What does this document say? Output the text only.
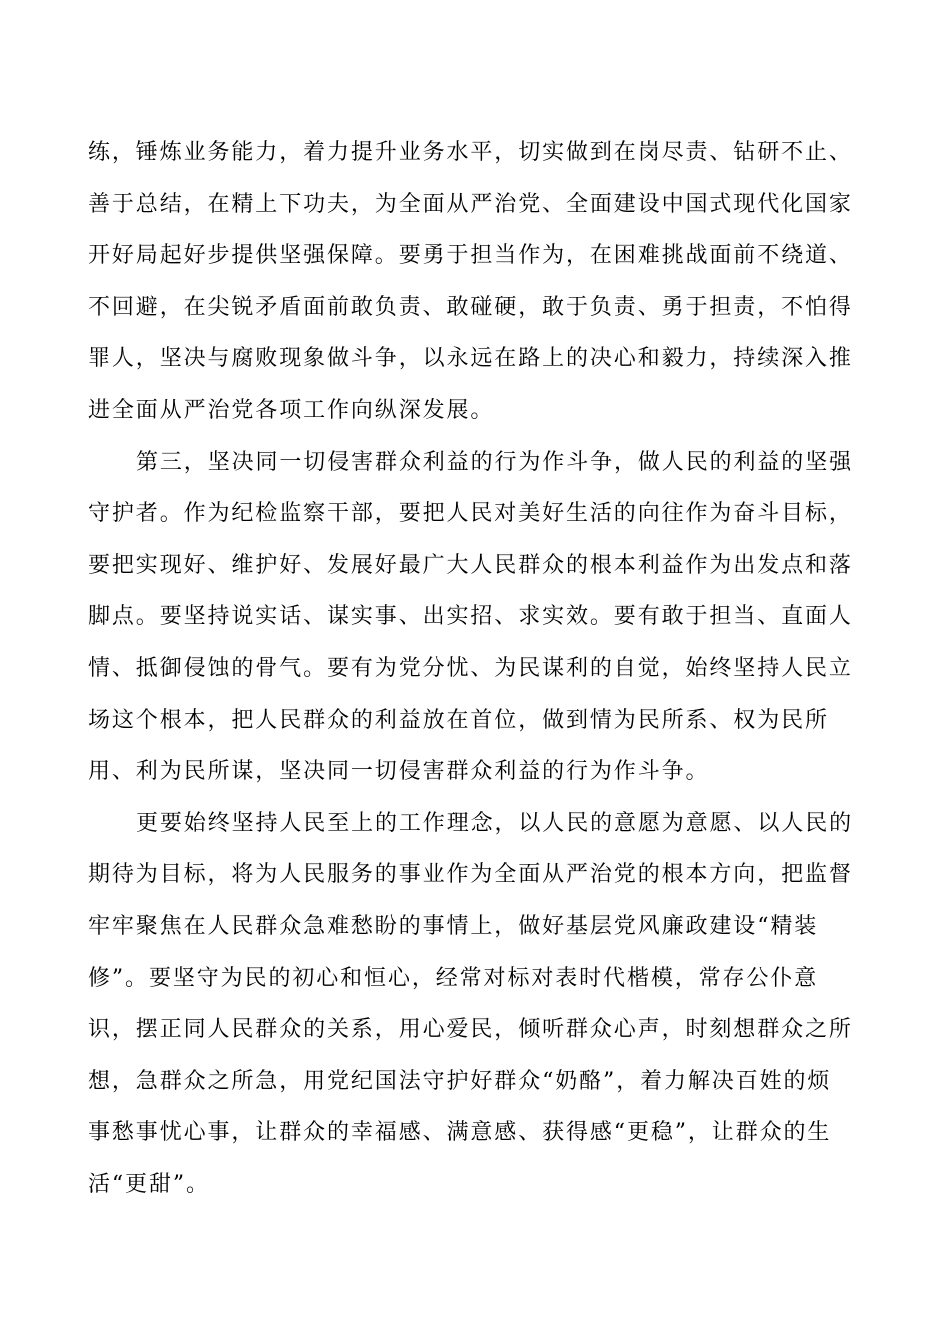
练，锤炼业务能力，着力提升业务水平，切实做到在岗尽责、钻研不止、
善于总结，在精上下功夫，为全面从严治党、全面建设中国式现代化国家
开好局起好步提供坚强保障。要勇于担当作为，在困难挑战面前不绕道、
不回避，在尖锐矛盾面前敢负责、敢碰硬，敢于负责、勇于担责，不怕得
罪人，坚决与腐败现象做斗争，以永远在路上的决心和毅力，持续深入推
进全面从严治党各项工作向纵深发展。

第三，坚决同一切侵害群众利益的行为作斗争，做人民的利益的坚强
守护者。作为纪检监察干部，要把人民对美好生活的向往作为奋斗目标，
要把实现好、维护好、发展好最广大人民群众的根本利益作为出发点和落
脚点。要坚持说实话、谋实事、出实招、求实效。要有敢于担当、直面人
情、抵御侵蚀的骨气。要有为党分忧、为民谋利的自觉，始终坚持人民立
场这个根本，把人民群众的利益放在首位，做到情为民所系、权为民所
用、利为民所谋，坚决同一切侵害群众利益的行为作斗争。

更要始终坚持人民至上的工作理念，以人民的意愿为意愿、以人民的
期待为目标，将为人民服务的事业作为全面从严治党的根本方向，把监督
牢牢聚焦在人民群众急难愁盼的事情上，做好基层党风廉政建设“精装
修”。要坚守为民的初心和恒心，经常对标对表时代楷模，常存公仆意
识，摆正同人民群众的关系，用心爱民，倾听群众心声，时刻想群众之所
想，急群众之所急，用党纪国法守护好群众“奶酪”，着力解决百姓的烦
事愁事忧心事，让群众的幸福感、满意感、获得感“更稳”，让群众的生
活“更甜”。
